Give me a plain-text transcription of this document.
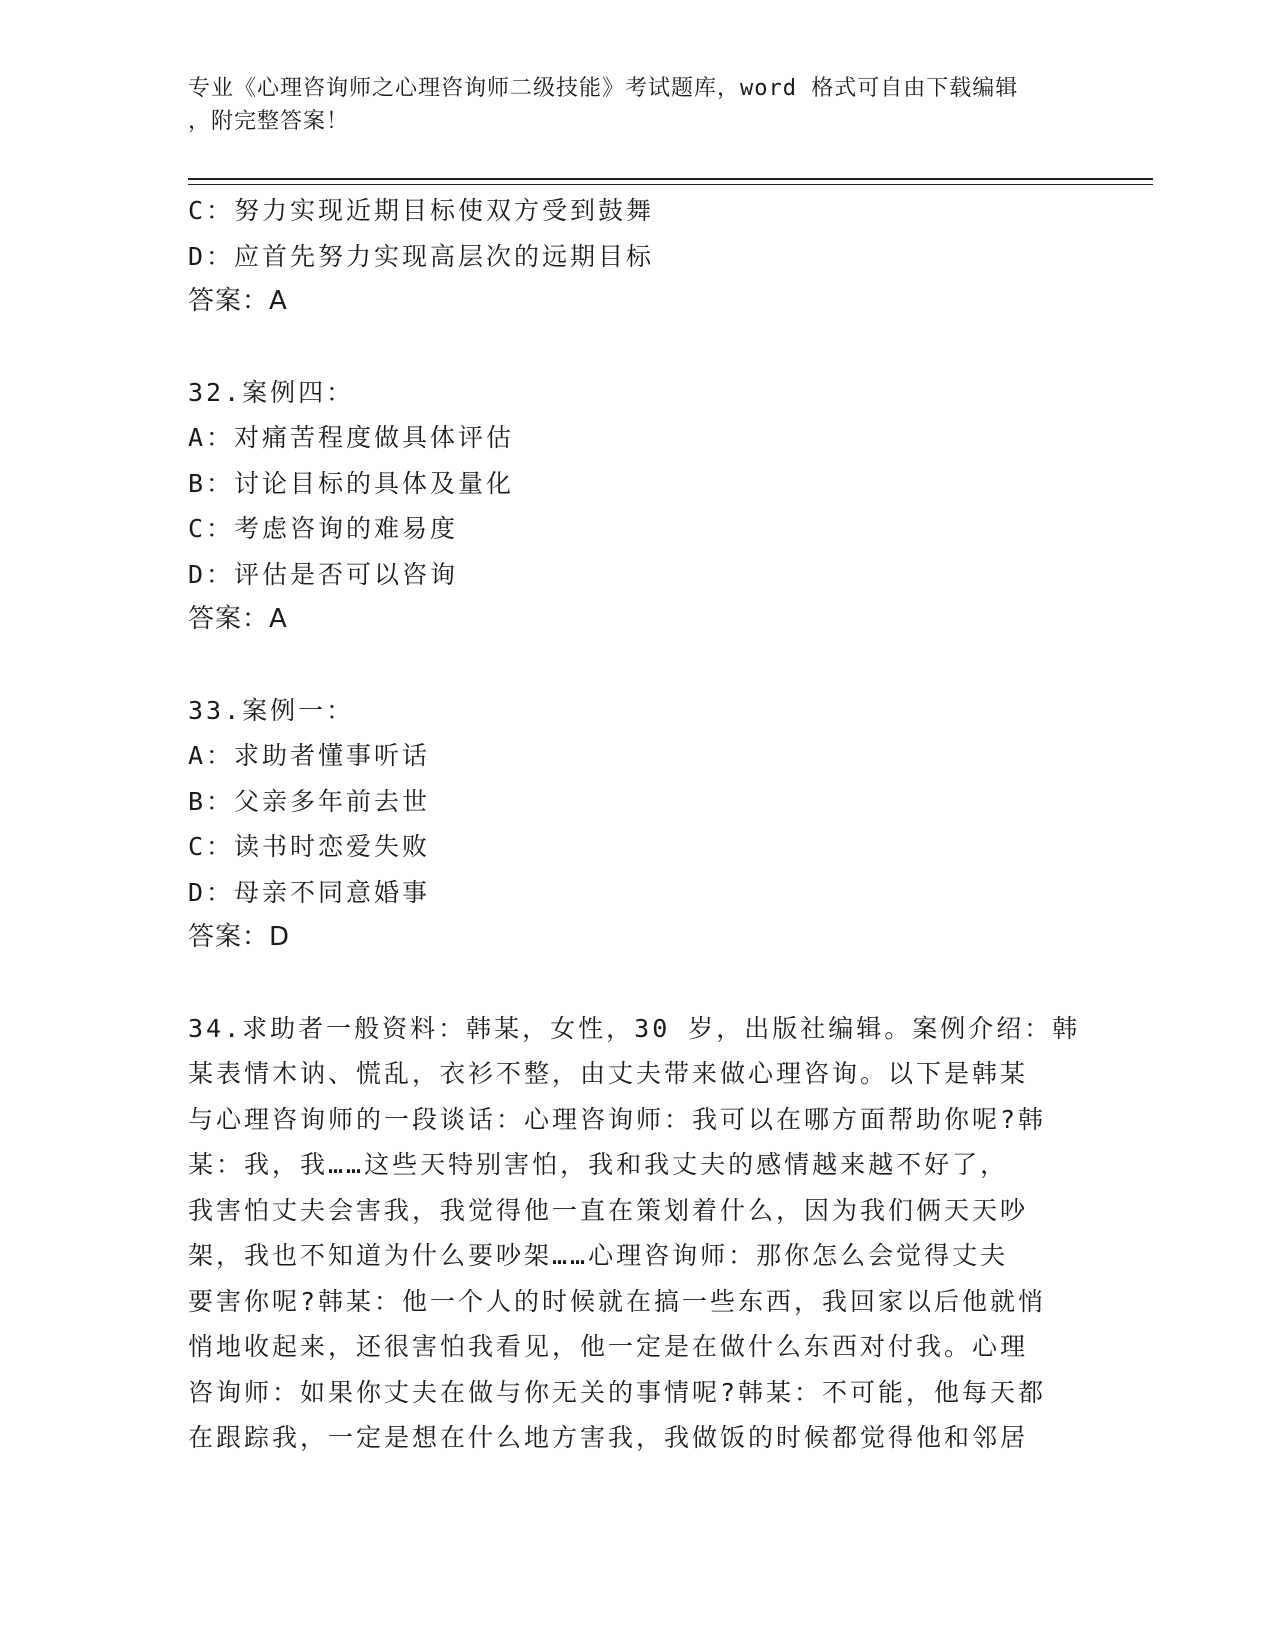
专业《心理咨询师之心理咨询师二级技能》考试题库，word 格式可自由下载编辑
，附完整答案！
C：努力实现近期目标使双方受到鼓舞
D：应首先努力实现高层次的远期目标
答案：A
32.案例四：
A：对痛苦程度做具体评估
B：讨论目标的具体及量化
C：考虑咨询的难易度
D：评估是否可以咨询
答案：A
33.案例一：
A：求助者懂事听话
B：父亲多年前去世
C：读书时恋爱失败
D：母亲不同意婚事
答案：D
34.求助者一般资料：韩某，女性，30 岁，出版社编辑。案例介绍：韩
某表情木讷、慌乱，衣衫不整，由丈夫带来做心理咨询。以下是韩某
与心理咨询师的一段谈话：心理咨询师：我可以在哪方面帮助你呢?韩
某：我，我……这些天特别害怕，我和我丈夫的感情越来越不好了，
我害怕丈夫会害我，我觉得他一直在策划着什么，因为我们俩天天吵
架，我也不知道为什么要吵架……心理咨询师：那你怎么会觉得丈夫
要害你呢?韩某：他一个人的时候就在搞一些东西，我回家以后他就悄
悄地收起来，还很害怕我看见，他一定是在做什么东西对付我。心理
咨询师：如果你丈夫在做与你无关的事情呢?韩某：不可能，他每天都
在跟踪我，一定是想在什么地方害我，我做饭的时候都觉得他和邻居
